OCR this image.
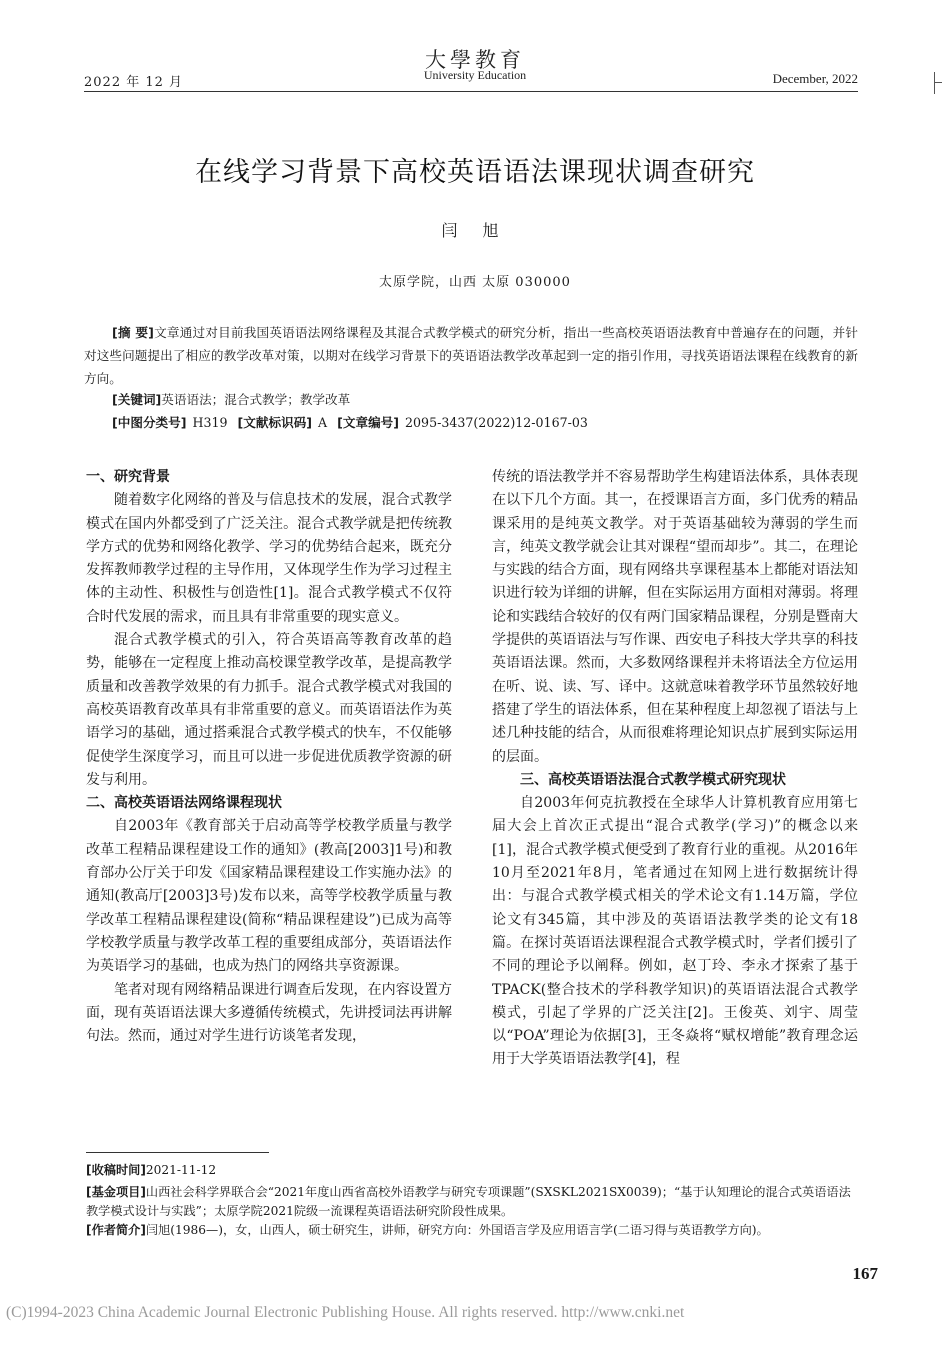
大學教育
University Education
2022 年 12 月	December, 2022
在线学习背景下高校英语语法课现状调查研究
闫 旭
太原学院，山西 太原 030000
[摘 要]文章通过对目前我国英语语法网络课程及其混合式教学模式的研究分析，指出一些高校英语语法教育中普遍存在的问题，并针对这些问题提出了相应的教学改革对策，以期对在线学习背景下的英语语法教学改革起到一定的指引作用，寻找英语语法课程在线教育的新方向。
[关键词]英语语法；混合式教学；教学改革
[中图分类号] H319 [文献标识码] A [文章编号] 2095-3437(2022)12-0167-03
一、研究背景

随着数字化网络的普及与信息技术的发展，混合式教学模式在国内外都受到了广泛关注。混合式教学就是把传统教学方式的优势和网络化教学、学习的优势结合起来，既充分发挥教师教学过程的主导作用，又体现学生作为学习过程主体的主动性、积极性与创造性[1]。混合式教学模式不仅符合时代发展的需求，而且具有非常重要的现实意义。

混合式教学模式的引入，符合英语高等教育改革的趋势，能够在一定程度上推动高校课堂教学改革，是提高教学质量和改善教学效果的有力抓手。混合式教学模式对我国的高校英语教育改革具有非常重要的意义。而英语语法作为英语学习的基础，通过搭乘混合式教学模式的快车，不仅能够促使学生深度学习，而且可以进一步促进优质教学资源的研发与利用。

二、高校英语语法网络课程现状

自2003年《教育部关于启动高等学校教学质量与教学改革工程精品课程建设工作的通知》(教高[2003]1号)和教育部办公厅关于印发《国家精品课程建设工作实施办法》的通知(教高厅[2003]3号)发布以来，高等学校教学质量与教学改革工程精品课程建设(简称“精品课程建设”)已成为高等学校教学质量与教学改革工程的重要组成部分，英语语法作为英语学习的基础，也成为热门的网络共享资源课。

笔者对现有网络精品课进行调查后发现，在内容设置方面，现有英语语法课大多遵循传统模式，先讲授词法再讲解句法。然而，通过对学生进行访谈笔者发现，

传统的语法教学并不容易帮助学生构建语法体系，具体表现在以下几个方面。其一，在授课语言方面，多门优秀的精品课采用的是纯英文教学。对于英语基础较为薄弱的学生而言，纯英文教学就会让其对课程“望而却步”。其二，在理论与实践的结合方面，现有网络共享课程基本上都能对语法知识进行较为详细的讲解，但在实际运用方面相对薄弱。将理论和实践结合较好的仅有两门国家精品课程，分别是暨南大学提供的英语语法与写作课、西安电子科技大学共享的科技英语语法课。然而，大多数网络课程并未将语法全方位运用在听、说、读、写、译中。这就意味着教学环节虽然较好地搭建了学生的语法体系，但在某种程度上却忽视了语法与上述几种技能的结合，从而很难将理论知识点扩展到实际运用的层面。

三、高校英语语法混合式教学模式研究现状

自2003年何克抗教授在全球华人计算机教育应用第七届大会上首次正式提出“混合式教学(学习)”的概念以来[1]，混合式教学模式便受到了教育行业的重视。从2016年10月至2021年8月，笔者通过在知网上进行数据统计得出：与混合式教学模式相关的学术论文有1.14万篇，学位论文有345篇，其中涉及的英语语法教学类的论文有18篇。在探讨英语语法课程混合式教学模式时，学者们援引了不同的理论予以阐释。例如，赵丁玲、李永才探索了基于TPACK(整合技术的学科教学知识)的英语语法混合式教学模式，引起了学界的广泛关注[2]。王俊英、刘宇、周莹以“POA”理论为依据[3]，王冬焱将“赋权增能”教育理念运用于大学英语语法教学[4]，程

[收稿时间]2021-11-12
[基金项目]山西社会科学界联合会“2021年度山西省高校外语教学与研究专项课题”(SXSKL2021SX0039)；“基于认知理论的混合式英语语法教学模式设计与实践”；太原学院2021院级一流课程英语语法研究阶段性成果。
[作者简介]闫旭(1986—)，女，山西人，硕士研究生，讲师，研究方向：外国语言学及应用语言学(二语习得与英语教学方向)。
167
(C)1994-2023 China Academic Journal Electronic Publishing House. All rights reserved. http://www.cnki.net
